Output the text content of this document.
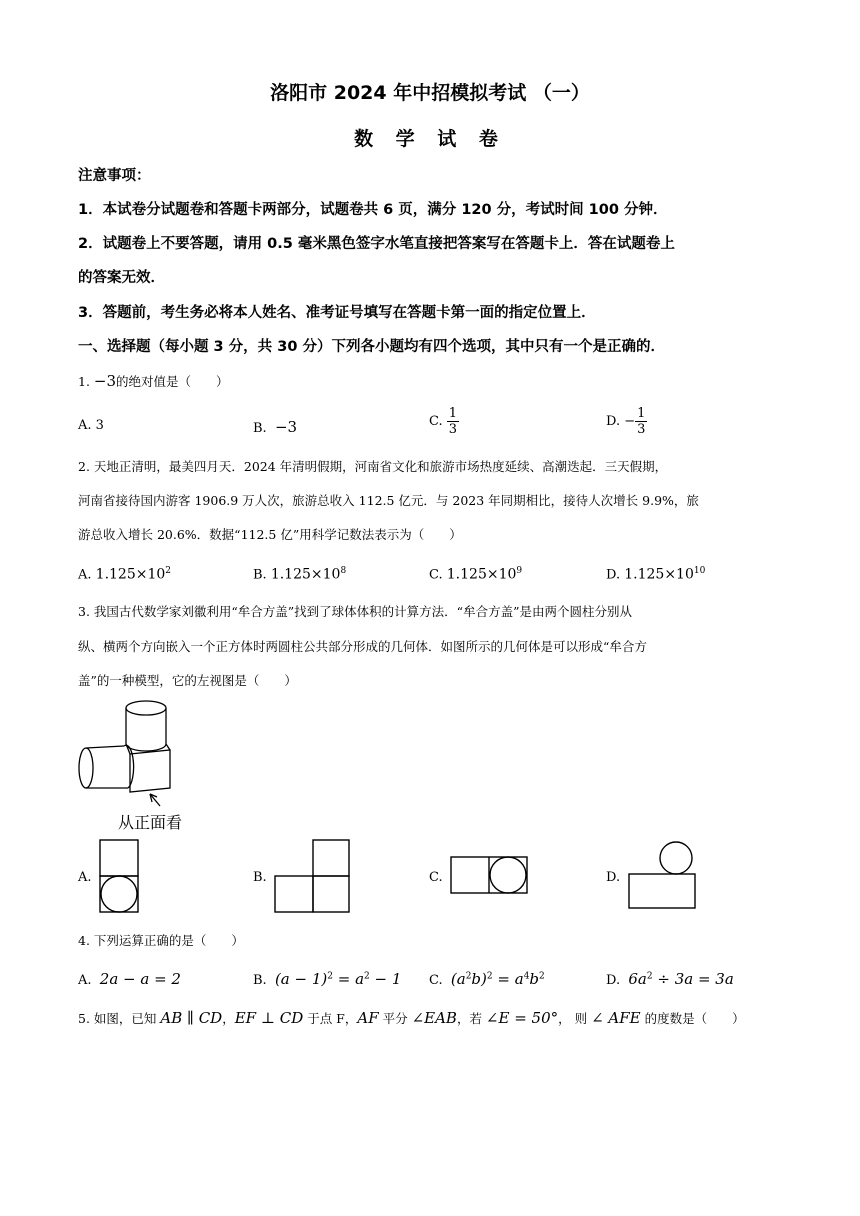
洛阳市 2024 年中招模拟考试 （一）
数 学 试 卷
注意事项：
1．本试卷分试题卷和答题卡两部分，试题卷共 6 页，满分 120 分，考试时间 100 分钟．
2．试题卷上不要答题，请用 0.5 毫米黑色签字水笔直接把答案写在答题卡上．答在试题卷上
的答案无效．
3．答题前，考生务必将本人姓名、准考证号填写在答题卡第一面的指定位置上．
一、选择题（每小题 3 分，共 30 分）下列各小题均有四个选项，其中只有一个是正确的．
1. −3的绝对值是（　　）
A. 3	B. −3	C. $\frac{1}{3}$	D. − $\frac{1}{3}$
2. 天地正清明，最美四月天．2024 年清明假期，河南省文化和旅游市场热度延续、高潮迭起．三天假期，
河南省接待国内游客 1906.9 万人次，旅游总收入 112.5 亿元．与 2023 年同期相比，接待人次增长 9.9%，旅
游总收入增长 20.6%．数据“112.5 亿”用科学记数法表示为（　　）
A. $1.125\times 10^2$	B. $1.125\times 10^8$	C. $1.125\times 10^9$	D. $1.125\times 10^{10}$
3. 我国古代数学家刘徽利用“牟合方盖”找到了球体体积的计算方法．“牟合方盖”是由两个圆柱分别从
纵、横两个方向嵌入一个正方体时两圆柱公共部分形成的几何体．如图所示的几何体是可以形成“牟合方
盖”的一种模型，它的左视图是（　　）
从正面看
A.	B.	C.	D.
4. 下列运算正确的是（　　）
A. 2a − a = 2	B. $(a - 1)^2 = a^2 - 1$ C. $(a^2b)^2 = a^4b^2$	D. $6a^2 \div 3a = 3a$
5. 如图，已知 AB ∥ CD，EF ⊥ CD 于点 F，AF 平分 ∠EAB，若 ∠E = 50°， 则 ∠ AFE 的度数是（　　）
